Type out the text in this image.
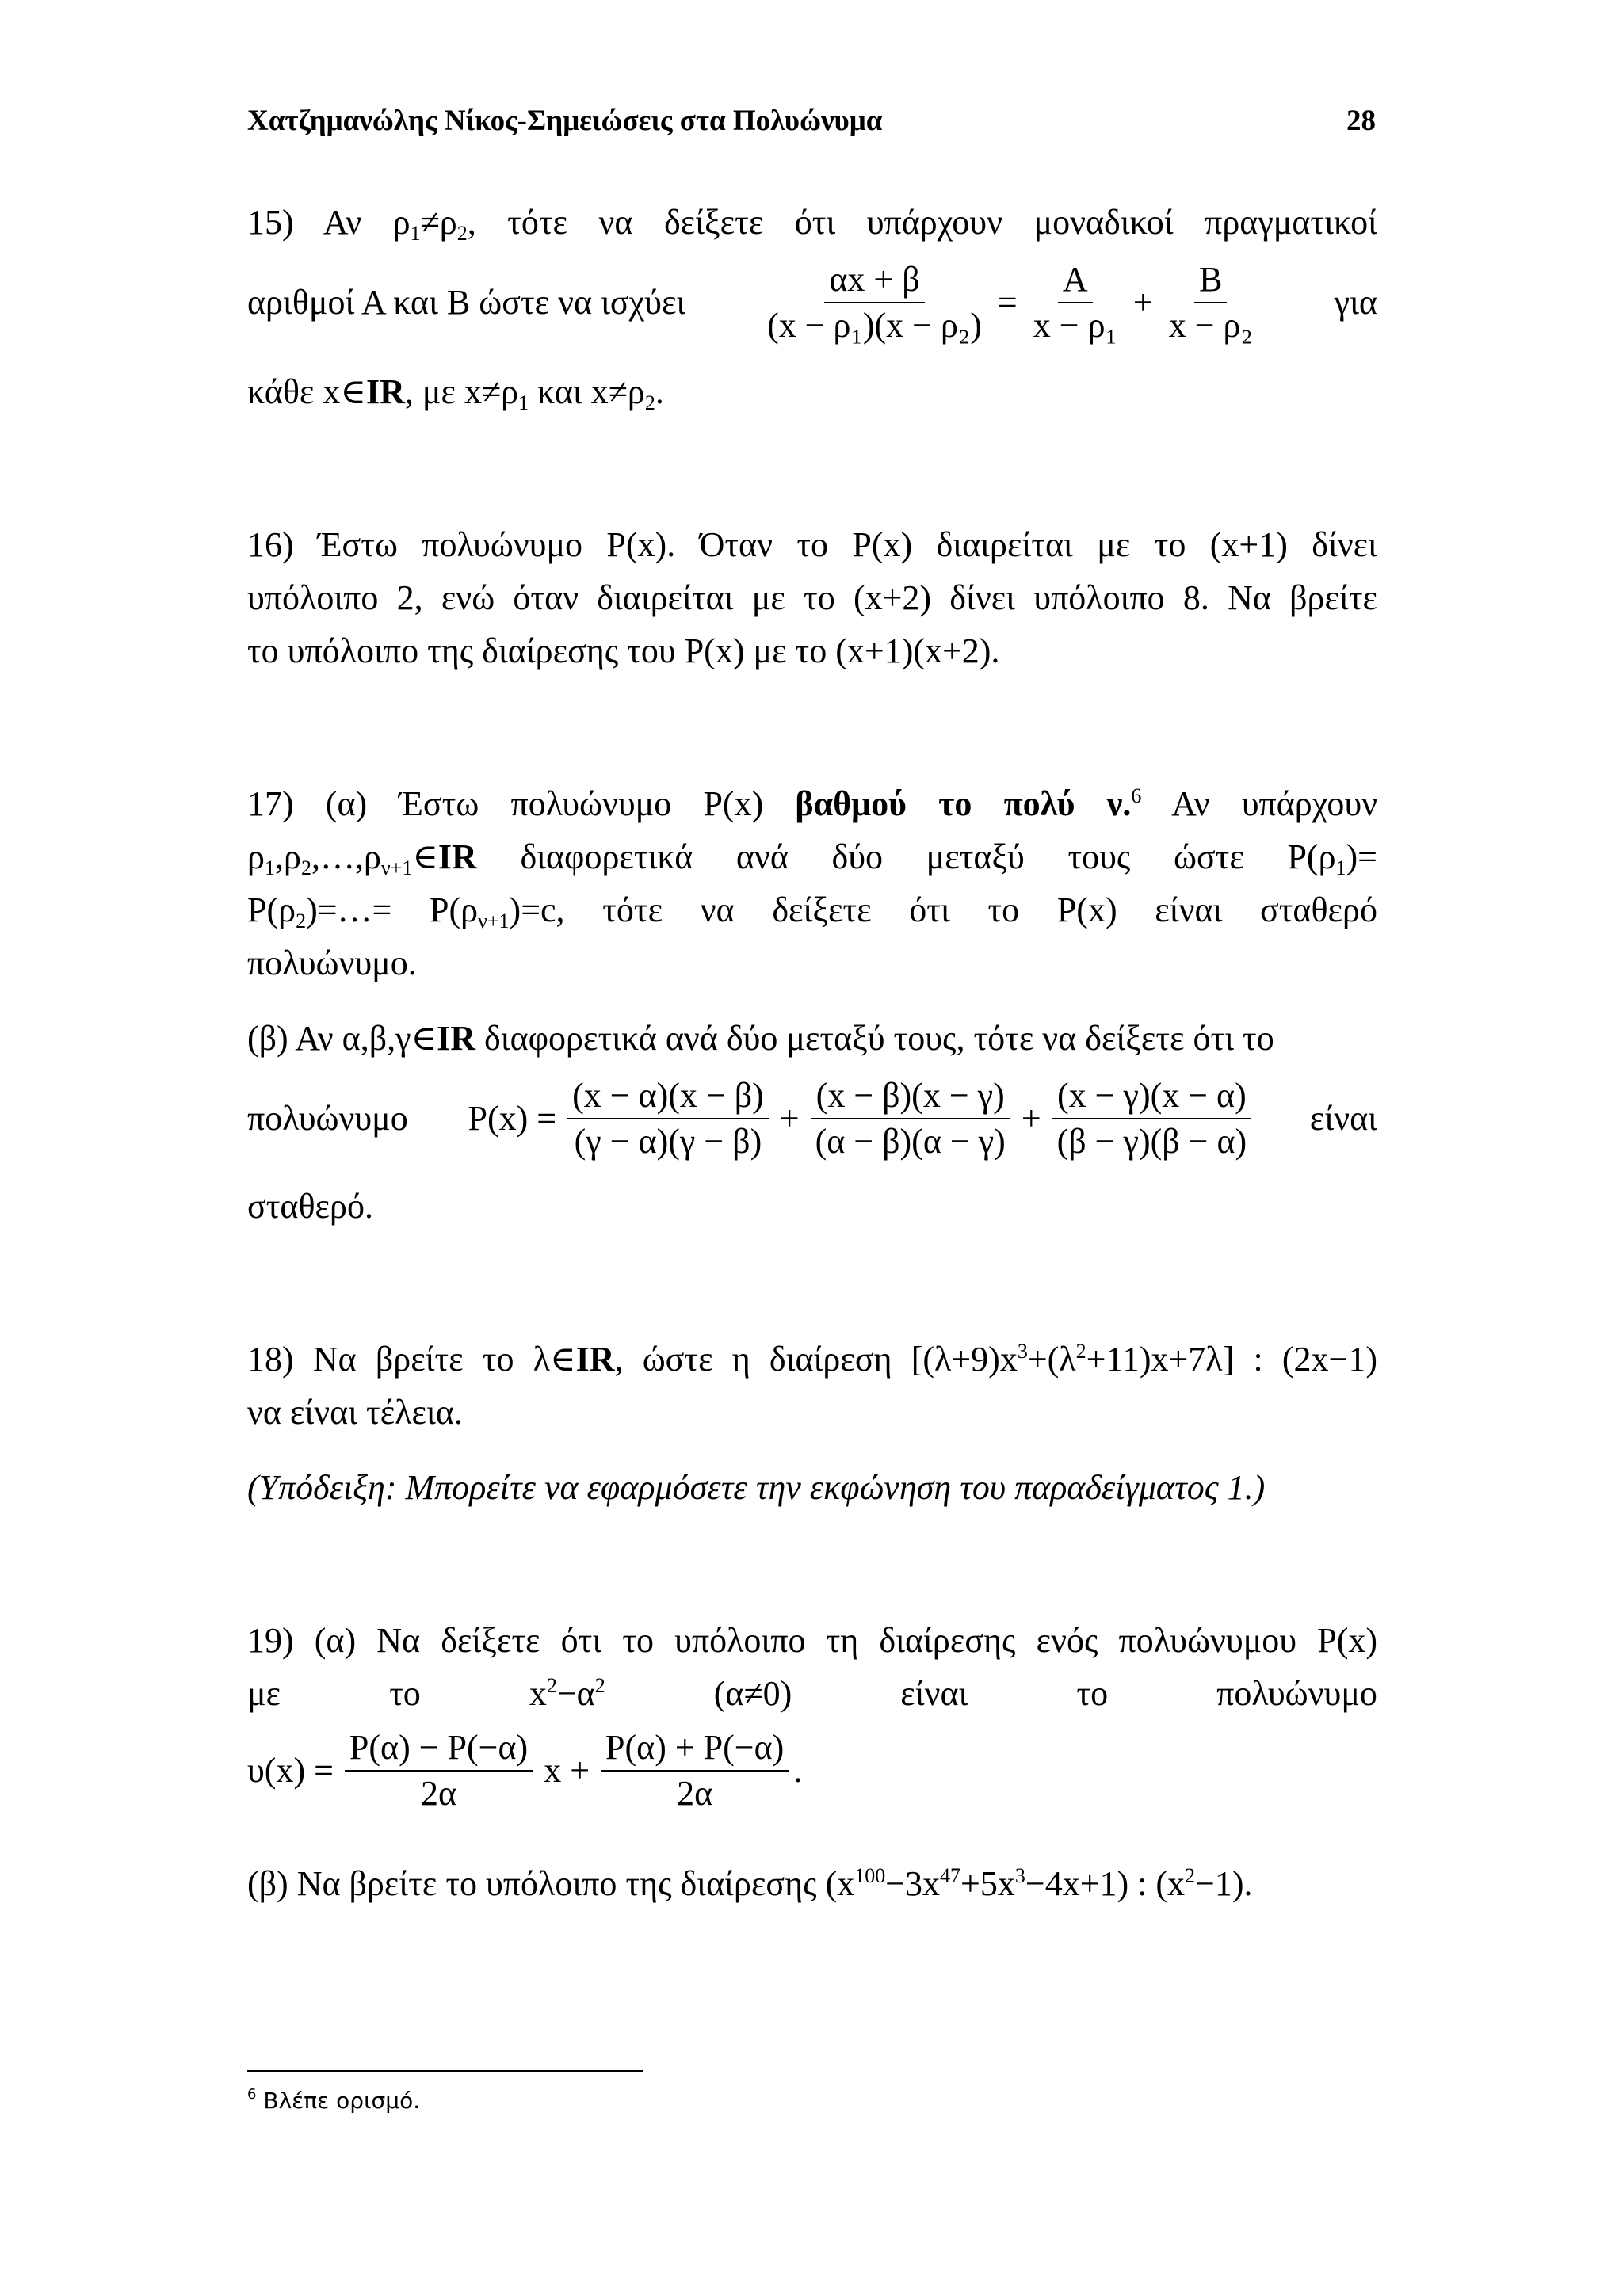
Χατζημανώλης Νίκος-Σημειώσεις στα Πολυώνυμα	28
15) Αν $\rho_1\ne\rho_2$, τότε να δείξετε ότι υπάρχουν μοναδικοί πραγματικοί
αριθμοί Α και Β ώστε να ισχύει $\frac{\alpha x + \beta}{\text{(x − ρ₁)(x − ρ₂)}} = \frac{A}{\text{x − ρ₁}} + \frac{B}{\text{x − ρ₂}}$ για
κάθε x∈IR, με $x\ne\rho_1$ και $x\ne\rho_2$.
16) Έστω πολυώνυμο P(x). Όταν το P(x) διαιρείται με το (x+1) δίνει
υπόλοιπο 2, ενώ όταν διαιρείται με το (x+2) δίνει υπόλοιπο 8. Να βρείτε
το υπόλοιπο της διαίρεσης του P(x) με το (x+1)(x+2).
17) (α) Έστω πολυώνυμο P(x) βαθμού το πολύ ν.$^6$ Αν υπάρχουν
$\rho_1,\rho_2,\dots,\rho_{\nu+1}\in IR$ διαφορετικά ανά δύο μεταξύ τους ώστε $P(\rho_1)=$
$P(\rho_2)=\dots= P(\rho_{\nu+1})=c$, τότε να δείξετε ότι το P(x) είναι σταθερό
πολυώνυμο.
(β) Αν α,β,γ∈IR διαφορετικά ανά δύο μεταξύ τους, τότε να δείξετε ότι το
πολυώνυμο $P(x) = \frac{(x - \alpha)(x - \beta)}{(\gamma - \alpha)(\gamma - \beta)} + \frac{(x - \beta)(x - \gamma)}{(\alpha - \beta)(\alpha - \gamma)} + \frac{(x - \gamma)(x - \alpha)}{(\beta - \gamma)(\beta - \alpha)}$ είναι
σταθερό.
18) Να βρείτε το λ∈IR, ώστε η διαίρεση $[(\lambda+9)x^3+(\lambda^2+11)x+7\lambda]$ : (2x−1)
να είναι τέλεια.
(Υπόδειξη: Μπορείτε να εφαρμόσετε την εκφώνηση του παραδείγματος 1.)
19) (α) Να δείξετε ότι το υπόλοιπο τη διαίρεσης ενός πολυώνυμου P(x)
με	το	$x^2-\alpha^2$	(α≠0)	είναι	το	πολυώνυμο
$\upsilon(x) = \frac{P(\alpha) - P(-\alpha)}{2\alpha}$ $x + \frac{P(\alpha) + P(-\alpha)}{2\alpha}$ .
(β) Να βρείτε το υπόλοιπο της διαίρεσης $(x^{100}-3x^{47}+5x^3-4x+1)$ : $(x^2-1)$.
$^6$ Βλέπε ορισμό.
